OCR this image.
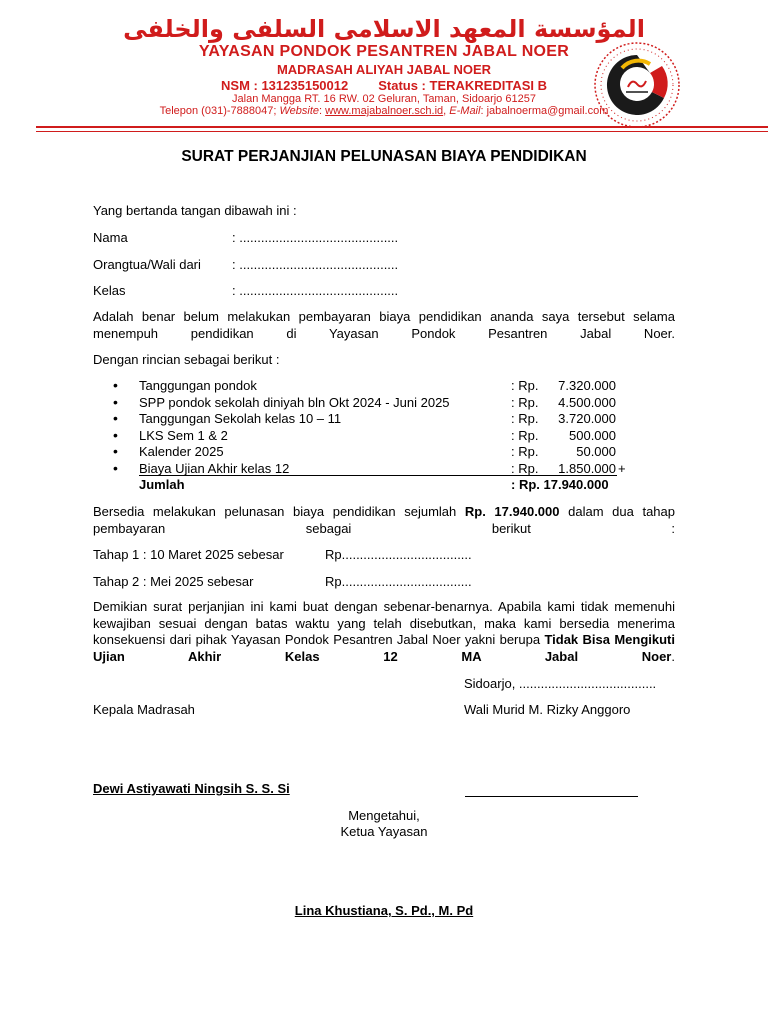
المؤسسة المعهد الاسلامى السلفى والخلفى
YAYASAN PONDOK PESANTREN JABAL NOER
MADRASAH ALIYAH JABAL NOER
NSM : 131235150012 Status : TERAKREDITASI B
Jalan Mangga RT. 16 RW. 02 Geluran, Taman, Sidoarjo 61257
Telepon (031)-7888047; Website: www.majabalnoer.sch.id, E-Mail: jabalnoerma@gmail.com
SURAT PERJANJIAN PELUNASAN BIAYA PENDIDIKAN
Yang bertanda tangan dibawah ini :
Nama	: ............................................
Orangtua/Wali dari : ............................................
Kelas	: ............................................
Adalah benar belum melakukan pembayaran biaya pendidikan ananda saya tersebut selama menempuh pendidikan di Yayasan Pondok Pesantren Jabal Noer.
Dengan rincian sebagai berikut :
• Tanggungan pondok	: Rp.	7.320.000
• SPP pondok sekolah diniyah bln Okt 2024 - Juni 2025	: Rp.	4.500.000
• Tanggungan Sekolah kelas 10 – 11	: Rp.	3.720.000
• LKS Sem 1 & 2	: Rp.	500.000
• Kalender 2025	: Rp.	50.000
• Biaya Ujian Akhir kelas 12	: Rp.	1.850.000 +
Jumlah	: Rp. 17.940.000
Bersedia melakukan pelunasan biaya pendidikan sejumlah Rp. 17.940.000 dalam dua tahap pembayaran sebagai berikut :
Tahap 1 : 10 Maret 2025 sebesar	Rp....................................
Tahap 2 : Mei 2025 sebesar	Rp....................................
Demikian surat perjanjian ini kami buat dengan sebenar-benarnya. Apabila kami tidak memenuhi kewajiban sesuai dengan batas waktu yang telah disebutkan, maka kami bersedia menerima konsekuensi dari pihak Yayasan Pondok Pesantren Jabal Noer yakni berupa Tidak Bisa Mengikuti Ujian Akhir Kelas 12 MA Jabal Noer.
Sidoarjo, ......................................
Kepala Madrasah	Wali Murid M. Rizky Anggoro
Dewi Astiyawati Ningsih S. S. Si
Mengetahui,
Ketua Yayasan
Lina Khustiana, S. Pd., M. Pd
